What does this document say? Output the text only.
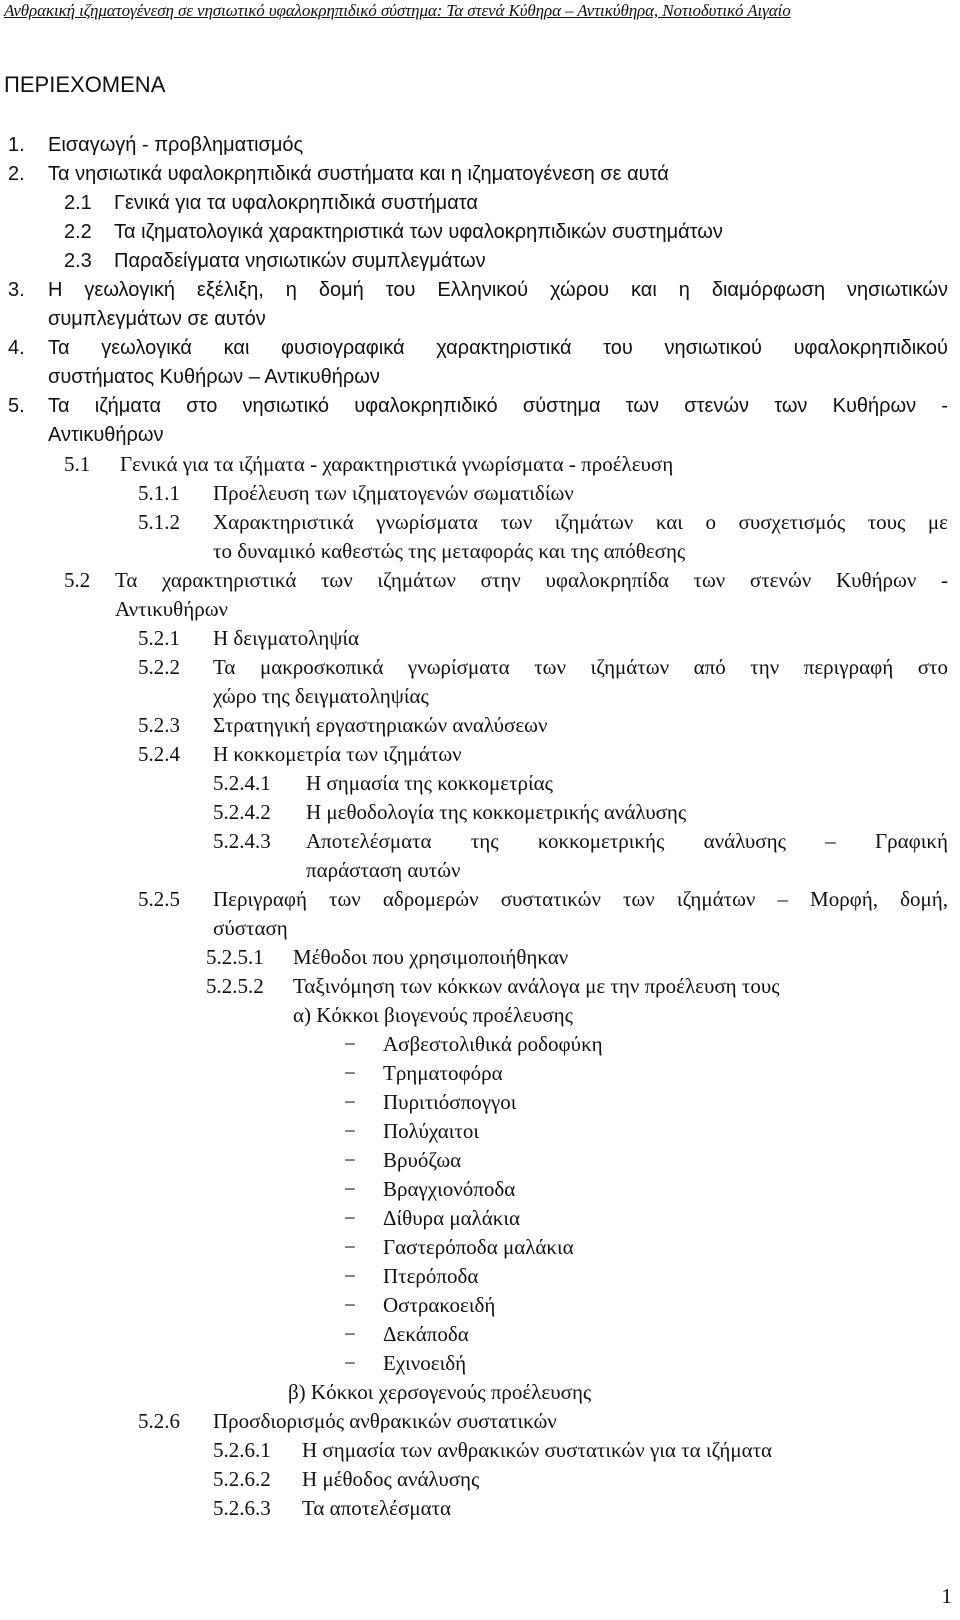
Ανθρακική ιζηματογένεση σε νησιωτικό υφαλοκρηπιδικό σύστημα: Τα στενά Κύθηρα – Αντικύθηρα, Νοτιοδυτικό Αιγαίο
ΠΕΡΙΕΧΟΜΕΝΑ
1. Εισαγωγή - προβληματισμός
2. Τα νησιωτικά υφαλοκρηπιδικά συστήματα και η ιζηματογένεση σε αυτά
2.1 Γενικά για τα υφαλοκρηπιδικά συστήματα
2.2 Τα ιζηματολογικά χαρακτηριστικά των υφαλοκρηπιδικών συστημάτων
2.3 Παραδείγματα νησιωτικών συμπλεγμάτων
3. Η γεωλογική εξέλιξη, η δομή του Ελληνικού χώρου και η διαμόρφωση νησιωτικών
συμπλεγμάτων σε αυτόν
4. Τα γεωλογικά και φυσιογραφικά χαρακτηριστικά του νησιωτικού υφαλοκρηπιδικού
συστήματος Κυθήρων – Αντικυθήρων
5. Τα ιζήματα στο νησιωτικό υφαλοκρηπιδικό σύστημα των στενών των Κυθήρων -
Αντικυθήρων
5.1 Γενικά για τα ιζήματα - χαρακτηριστικά γνωρίσματα - προέλευση
5.1.1 Προέλευση των ιζηματογενών σωματιδίων
5.1.2 Χαρακτηριστικά γνωρίσματα των ιζημάτων και ο συσχετισμός τους με
το δυναμικό καθεστώς της μεταφοράς και της απόθεσης
5.2 Τα χαρακτηριστικά των ιζημάτων στην υφαλοκρηπίδα των στενών Κυθήρων -
Αντικυθήρων
5.2.1 Η δειγματοληψία
5.2.2 Τα μακροσκοπικά γνωρίσματα των ιζημάτων από την περιγραφή στο
χώρο της δειγματοληψίας
5.2.3 Στρατηγική εργαστηριακών αναλύσεων
5.2.4 Η κοκκομετρία των ιζημάτων
5.2.4.1 Η σημασία της κοκκομετρίας
5.2.4.2 Η μεθοδολογία της κοκκομετρικής ανάλυσης
5.2.4.3 Αποτελέσματα της κοκκομετρικής ανάλυσης – Γραφική
παράσταση αυτών
5.2.5 Περιγραφή των αδρομερών συστατικών των ιζημάτων – Μορφή, δομή,
σύσταση
5.2.5.1 Μέθοδοι που χρησιμοποιήθηκαν
5.2.5.2 Ταξινόμηση των κόκκων ανάλογα με την προέλευση τους
α) Κόκκοι βιογενούς προέλευσης
− Ασβεστολιθικά ροδοφύκη
− Τρηματοφόρα
− Πυριτιόσπογγοι
− Πολύχαιτοι
− Βρυόζωα
− Βραγχιονόποδα
− Δίθυρα μαλάκια
− Γαστερόποδα μαλάκια
− Πτερόποδα
− Οστρακοειδή
− Δεκάποδα
− Εχινοειδή
β) Κόκκοι χερσογενούς προέλευσης
5.2.6 Προσδιορισμός ανθρακικών συστατικών
5.2.6.1 Η σημασία των ανθρακικών συστατικών για τα ιζήματα
5.2.6.2 Η μέθοδος ανάλυσης
5.2.6.3 Τα αποτελέσματα
1
